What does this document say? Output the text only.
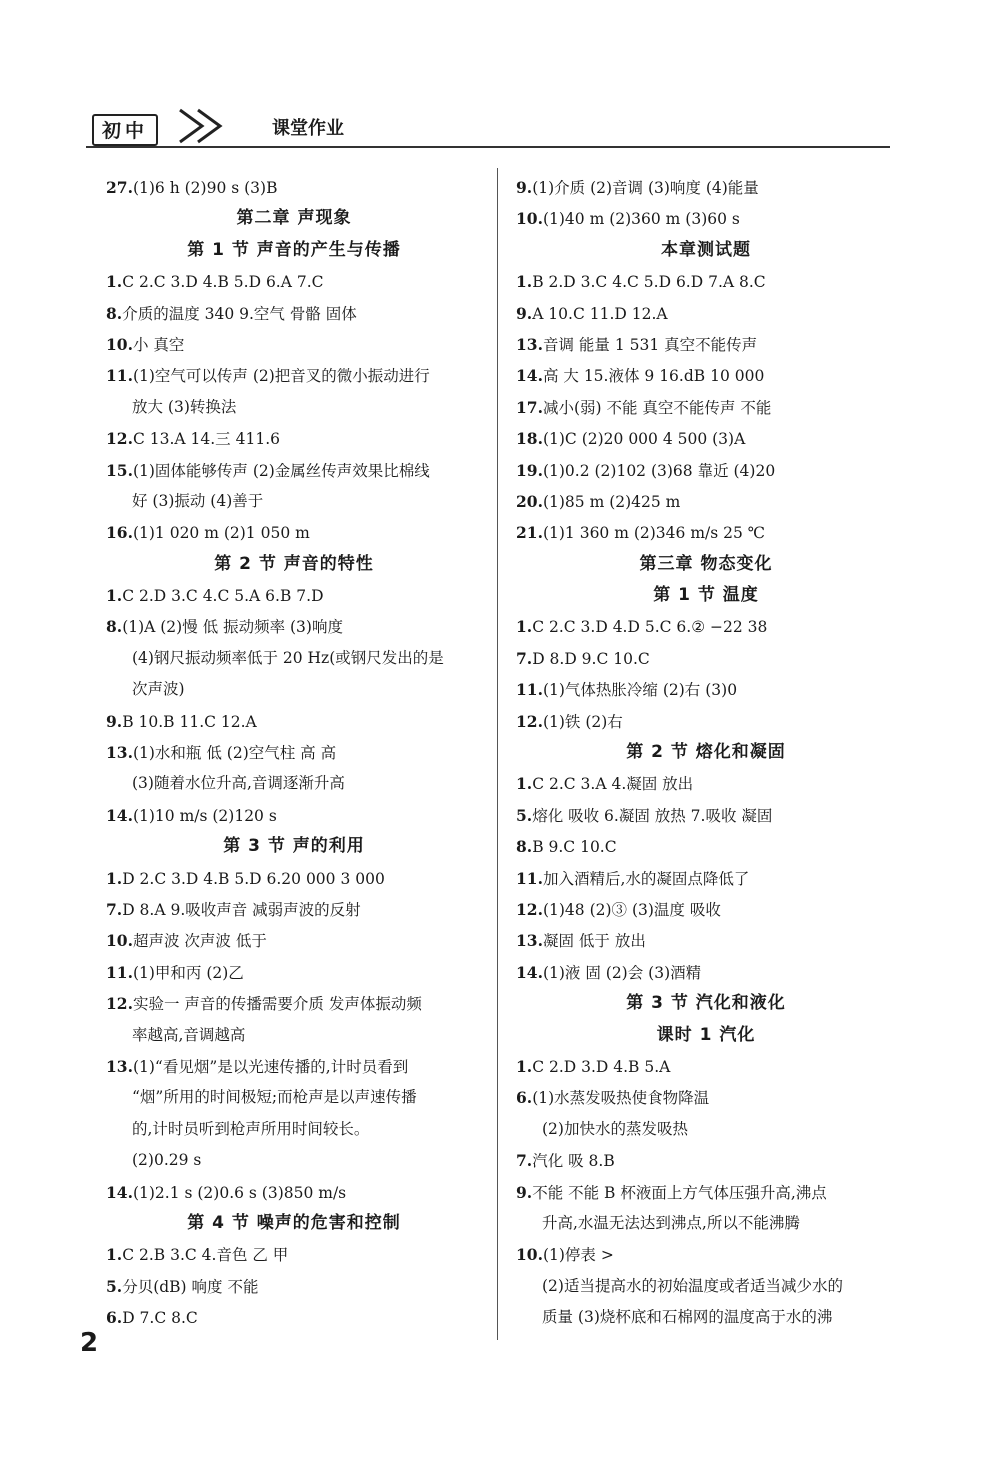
初中	课堂作业
27.(1)6 h (2)90 s (3)B
第二章 声现象
第 1 节 声音的产生与传播
1.C 2.C 3.D 4.B 5.D 6.A 7.C
8.介质的温度 340 9.空气 骨骼 固体
10.小 真空
11.(1)空气可以传声 (2)把音叉的微小振动进行
放大 (3)转换法
12.C 13.A 14.三 411.6
15.(1)固体能够传声 (2)金属丝传声效果比棉线
好 (3)振动 (4)善于
16.(1)1 020 m (2)1 050 m
第 2 节 声音的特性
1.C 2.D 3.C 4.C 5.A 6.B 7.D
8.(1)A (2)慢 低 振动频率 (3)响度
(4)钢尺振动频率低于 20 Hz(或钢尺发出的是
次声波)
9.B 10.B 11.C 12.A
13.(1)水和瓶 低 (2)空气柱 高 高
(3)随着水位升高,音调逐渐升高
14.(1)10 m/s (2)120 s
第 3 节 声的利用
1.D 2.C 3.D 4.B 5.D 6.20 000 3 000
7.D 8.A 9.吸收声音 减弱声波的反射
10.超声波 次声波 低于
11.(1)甲和丙 (2)乙
12.实验一 声音的传播需要介质 发声体振动频
率越高,音调越高
13.(1)“看见烟”是以光速传播的,计时员看到
“烟”所用的时间极短;而枪声是以声速传播
的,计时员听到枪声所用时间较长。
(2)0.29 s
14.(1)2.1 s (2)0.6 s (3)850 m/s
第 4 节 噪声的危害和控制
1.C 2.B 3.C 4.音色 乙 甲
5.分贝(dB) 响度 不能
6.D 7.C 8.C
9.(1)介质 (2)音调 (3)响度 (4)能量
10.(1)40 m (2)360 m (3)60 s
本章测试题
1.B 2.D 3.C 4.C 5.D 6.D 7.A 8.C
9.A 10.C 11.D 12.A
13.音调 能量 1 531 真空不能传声
14.高 大 15.液体 9 16.dB 10 000
17.减小(弱) 不能 真空不能传声 不能
18.(1)C (2)20 000 4 500 (3)A
19.(1)0.2 (2)102 (3)68 靠近 (4)20
20.(1)85 m (2)425 m
21.(1)1 360 m (2)346 m/s 25 ℃
第三章 物态变化
第 1 节 温度
1.C 2.C 3.D 4.D 5.C 6.② −22 38
7.D 8.D 9.C 10.C
11.(1)气体热胀冷缩 (2)右 (3)0
12.(1)铁 (2)右
第 2 节 熔化和凝固
1.C 2.C 3.A 4.凝固 放出
5.熔化 吸收 6.凝固 放热 7.吸收 凝固
8.B 9.C 10.C
11.加入酒精后,水的凝固点降低了
12.(1)48 (2)③ (3)温度 吸收
13.凝固 低于 放出
14.(1)液 固 (2)会 (3)酒精
第 3 节 汽化和液化
课时 1 汽化
1.C 2.D 3.D 4.B 5.A
6.(1)水蒸发吸热使食物降温
(2)加快水的蒸发吸热
7.汽化 吸 8.B
9.不能 不能 B 杯液面上方气体压强升高,沸点
升高,水温无法达到沸点,所以不能沸腾
10.(1)停表 >
(2)适当提高水的初始温度或者适当减少水的
质量 (3)烧杯底和石棉网的温度高于水的沸
2
